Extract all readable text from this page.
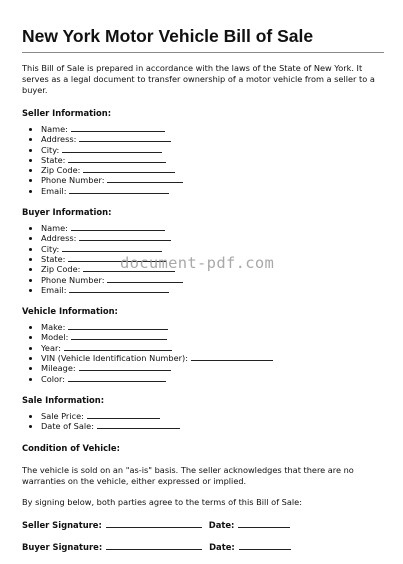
New York Motor Vehicle Bill of Sale

This Bill of Sale is prepared in accordance with the laws of the State of New York. It serves as a legal document to transfer ownership of a motor vehicle from a seller to a buyer.

Seller Information:
• Name:
• Address:
• City:
• State:
• Zip Code:
• Phone Number:
• Email:
Buyer Information:
• Name:
• Address:
• City:
• State:
• Zip Code:
• Phone Number:
• Email:
Vehicle Information:
• Make:
• Model:
• Year:
• VIN (Vehicle Identification Number):
• Mileage:
• Color:
Sale Information:
• Sale Price:
• Date of Sale:
Condition of Vehicle:

The vehicle is sold on an "as-is" basis. The seller acknowledges that there are no warranties on the vehicle, either expressed or implied.

By signing below, both parties agree to the terms of this Bill of Sale:

Seller Signature:	Date:
Buyer Signature:	Date:
document-pdf.com
